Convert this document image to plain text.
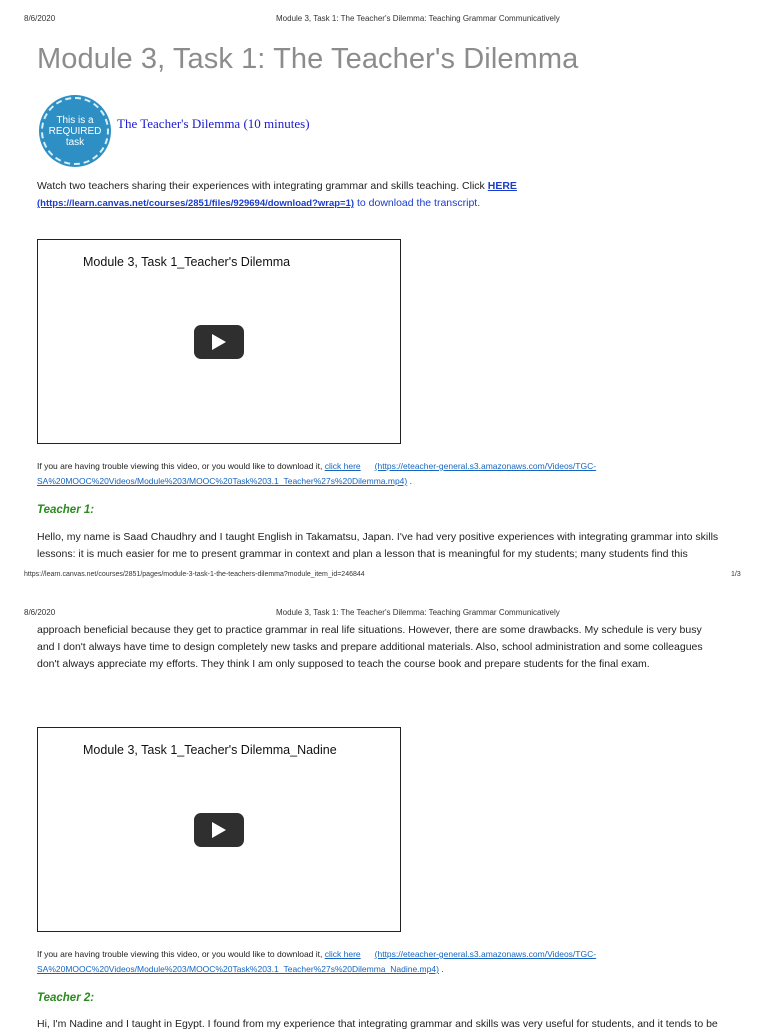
8/6/2020	Module 3, Task 1: The Teacher's Dilemma: Teaching Grammar Communicatively
Module 3, Task 1: The Teacher's Dilemma
This is a
REQUIRED
task
The Teacher's Dilemma (10 minutes)
Watch two teachers sharing their experiences with integrating grammar and skills teaching. Click HERE
(https://learn.canvas.net/courses/2851/files/929694/download?wrap=1) to download the transcript.
Module 3, Task 1_Teacher's Dilemma
If you are having trouble viewing this video, or you would like to download it, click here (https://eteacher-general.s3.amazonaws.com/Videos/TGC-
SA%20MOOC%20Videos/Module%203/MOOC%20Task%203.1_Teacher%27s%20Dilemma.mp4) .
Teacher 1:
Hello, my name is Saad Chaudhry and I taught English in Takamatsu, Japan. I've had very positive experiences with integrating grammar into skills
lessons: it is much easier for me to present grammar in context and plan a lesson that is meaningful for my students; many students find this
https://learn.canvas.net/courses/2851/pages/module-3-task-1-the-teachers-dilemma?module_item_id=246844	1/3
8/6/2020	Module 3, Task 1: The Teacher's Dilemma: Teaching Grammar Communicatively
approach beneficial because they get to practice grammar in real life situations. However, there are some drawbacks. My schedule is very busy
and I don't always have time to design completely new tasks and prepare additional materials. Also, school administration and some colleagues
don't always appreciate my efforts. They think I am only supposed to teach the course book and prepare students for the final exam.
Module 3, Task 1_Teacher's Dilemma_Nadine
If you are having trouble viewing this video, or you would like to download it, click here (https://eteacher-general.s3.amazonaws.com/Videos/TGC-
SA%20MOOC%20Videos/Module%203/MOOC%20Task%203.1_Teacher%27s%20Dilemma_Nadine.mp4) .
Teacher 2:
Hi, I'm Nadine and I taught in Egypt. I found from my experience that integrating grammar and skills was very useful for students, and it tends to be
